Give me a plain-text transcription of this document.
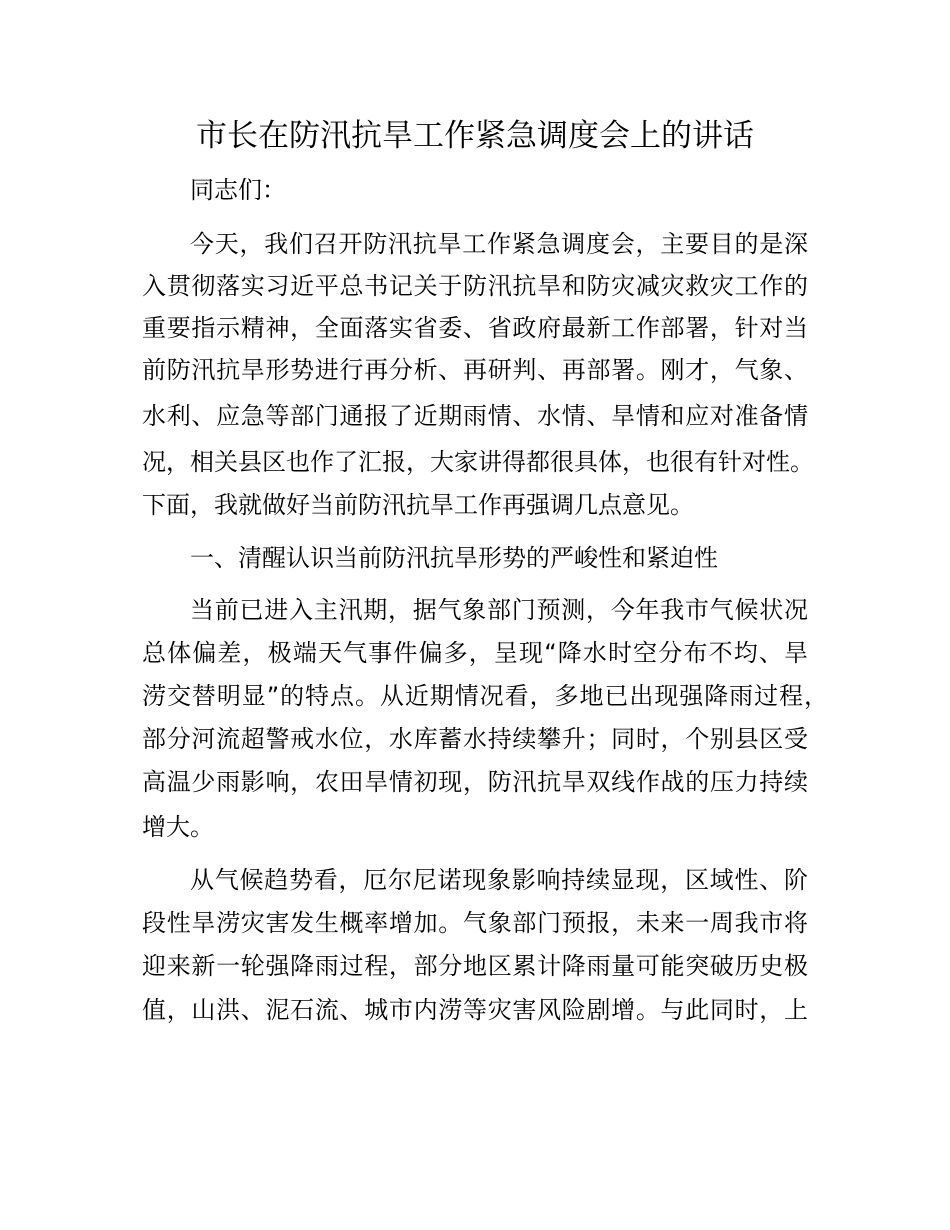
市长在防汛抗旱工作紧急调度会上的讲话
同志们：
今天，我们召开防汛抗旱工作紧急调度会，主要目的是深
入贯彻落实习近平总书记关于防汛抗旱和防灾减灾救灾工作的
重要指示精神，全面落实省委、省政府最新工作部署，针对当
前防汛抗旱形势进行再分析、再研判、再部署。刚才，气象、
水利、应急等部门通报了近期雨情、水情、旱情和应对准备情
况，相关县区也作了汇报，大家讲得都很具体，也很有针对性。
下面，我就做好当前防汛抗旱工作再强调几点意见。
一、清醒认识当前防汛抗旱形势的严峻性和紧迫性
当前已进入主汛期，据气象部门预测，今年我市气候状况
总体偏差，极端天气事件偏多，呈现“降水时空分布不均、旱
涝交替明显”的特点。从近期情况看，多地已出现强降雨过程，
部分河流超警戒水位，水库蓄水持续攀升；同时，个别县区受
高温少雨影响，农田旱情初现，防汛抗旱双线作战的压力持续
增大。
从气候趋势看，厄尔尼诺现象影响持续显现，区域性、阶
段性旱涝灾害发生概率增加。气象部门预报，未来一周我市将
迎来新一轮强降雨过程，部分地区累计降雨量可能突破历史极
值，山洪、泥石流、城市内涝等灾害风险剧增。与此同时，上
